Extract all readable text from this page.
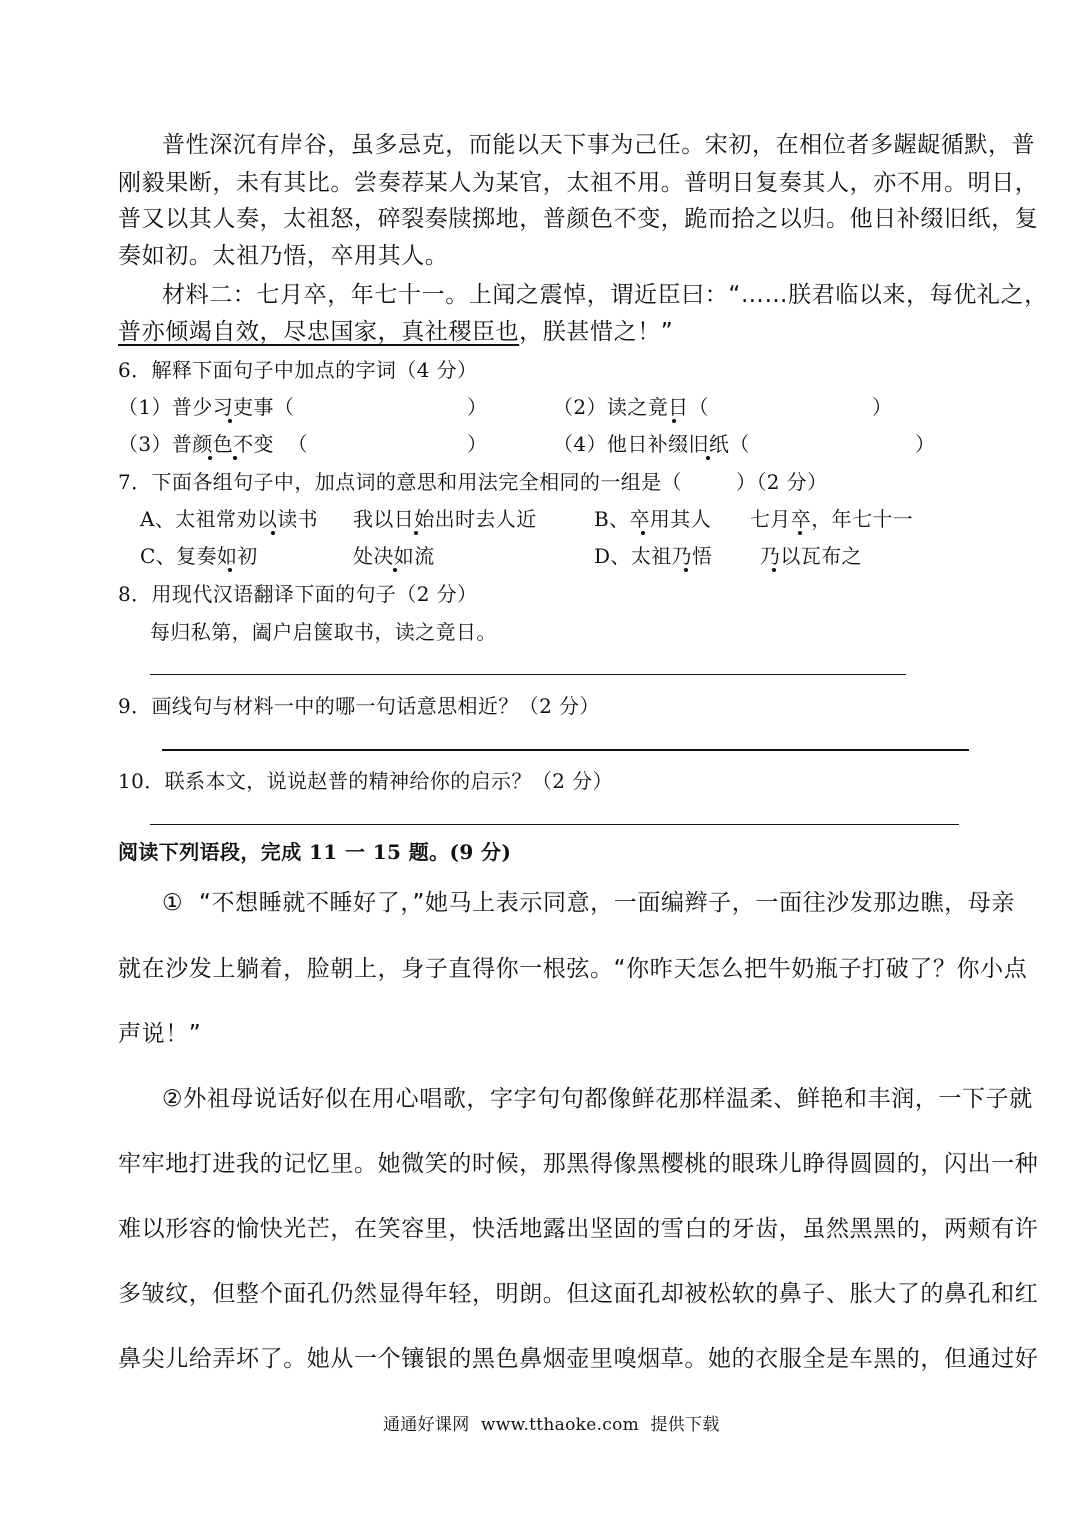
普性深沉有岸谷，虽多忌克，而能以天下事为己任。宋初，在相位者多龌龊循默，普
刚毅果断，未有其比。尝奏荐某人为某官，太祖不用。普明日复奏其人，亦不用。明日，
普又以其人奏，太祖怒，碎裂奏牍掷地，普颜色不变，跪而拾之以归。他日补缀旧纸，复
奏如初。太祖乃悟，卒用其人。
材料二：七月卒，年七十一。上闻之震悼，谓近臣曰：“……朕君临以来，每优礼之，
普亦倾竭自效，尽忠国家，真社稷臣也，朕甚惜之！”
6．解释下面句子中加点的字词（4 分）
（1）普少习吏事（	）	（2）读之竟日（	）
（3）普颜色不变  （	）	（4）他日补缀旧纸（	）
7．下面各组句子中，加点词的意思和用法完全相同的一组是（        ）（2 分）
A、太祖常劝以读书 我以日始出时去人近	B、卒用其人 七月卒，年七十一
C、复奏如初	处决如流	D、太祖乃悟 乃以瓦布之
8．用现代汉语翻译下面的句子（2 分）
每归私第，阖户启箧取书，读之竟日。
9．画线句与材料一中的哪一句话意思相近？（2 分）
10．联系本文，说说赵普的精神给你的启示？（2 分）
阅读下列语段，完成 11 一 15 题。(9 分)
①  “不想睡就不睡好了，”她马上表示同意，一面编辫子，一面往沙发那边瞧，母亲
就在沙发上躺着，脸朝上，身子直得你一根弦。“你昨天怎么把牛奶瓶子打破了？你小点
声说！”
②外祖母说话好似在用心唱歌，字字句句都像鲜花那样温柔、鲜艳和丰润，一下子就
牢牢地打进我的记忆里。她微笑的时候，那黑得像黑樱桃的眼珠儿睁得圆圆的，闪出一种
难以形容的愉快光芒，在笑容里，快活地露出坚固的雪白的牙齿，虽然黑黑的，两颊有许
多皱纹，但整个面孔仍然显得年轻，明朗。但这面孔却被松软的鼻子、胀大了的鼻孔和红
鼻尖儿给弄坏了。她从一个镶银的黑色鼻烟壶里嗅烟草。她的衣服全是车黑的，但通过好
通通好课网  www.tthaoke.com  提供下载
